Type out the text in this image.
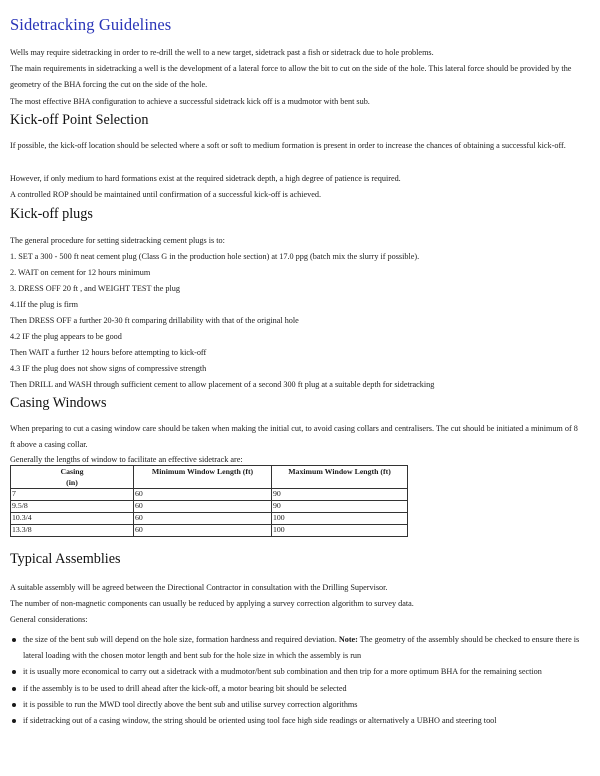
Sidetracking Guidelines

Wells may require sidetracking in order to re-drill the well to a new target, sidetrack past a fish or sidetrack due to hole problems.

The main requirements in sidetracking a well is the development of a lateral force to allow the bit to cut on the side of the hole. This lateral force should be provided by the geometry of the BHA forcing the cut on the side of the hole.

The most effective BHA configuration to achieve a successful sidetrack kick off is a mudmotor with bent sub.

Kick-off Point Selection

If possible, the kick-off location should be selected where a soft or soft to medium formation is present in order to increase the chances of obtaining a successful kick-off.

However, if only medium to hard formations exist at the required sidetrack depth, a high degree of patience is required.

A controlled ROP should be maintained until confirmation of a successful kick-off is achieved.

Kick-off plugs

The general procedure for setting sidetracking cement plugs is to:

1. SET a 300 - 500 ft neat cement plug (Class G in the production hole section) at 17.0 ppg (batch mix the slurry if possible).

2. WAIT on cement for 12 hours minimum

3. DRESS OFF 20 ft , and WEIGHT TEST the plug

4.1If the plug is firm

Then DRESS OFF a further 20-30 ft comparing drillability with that of the original hole

4.2 IF the plug appears to be good

Then WAIT a further 12 hours before attempting to kick-off

4.3 IF the plug does not show signs of compressive strength

Then DRILL and WASH through sufficient cement to allow placement of a second 300 ft plug at a suitable depth for sidetracking

Casing Windows

When preparing to cut a casing window care should be taken when making the initial cut, to avoid casing collars and centralisers. The cut should be initiated a minimum of 8 ft above a casing collar.

Generally the lengths of window to facilitate an effective sidetrack are:

Casing
(in)	Minimum Window Length (ft)	Maximum Window Length (ft)
7	60	90
9.5/8	60	90
10.3/4	60	100
13.3/8	60	100
Typical Assemblies

A suitable assembly will be agreed between the Directional Contractor in consultation with the Drilling Supervisor.

The number of non-magnetic components can usually be reduced by applying a survey correction algorithm to survey data.

General considerations:

the size of the bent sub will depend on the hole size, formation hardness and required deviation. Note: The geometry of the assembly should be checked to ensure there is lateral loading with the chosen motor length and bent sub for the hole size in which the assembly is run
it is usually more economical to carry out a sidetrack with a mudmotor/bent sub combination and then trip for a more optimum BHA for the remaining section
if the assembly is to be used to drill ahead after the kick-off, a motor bearing bit should be selected
it is possible to run the MWD tool directly above the bent sub and utilise survey correction algorithms
if sidetracking out of a casing window, the string should be oriented using tool face high side readings or alternatively a UBHO and steering tool
